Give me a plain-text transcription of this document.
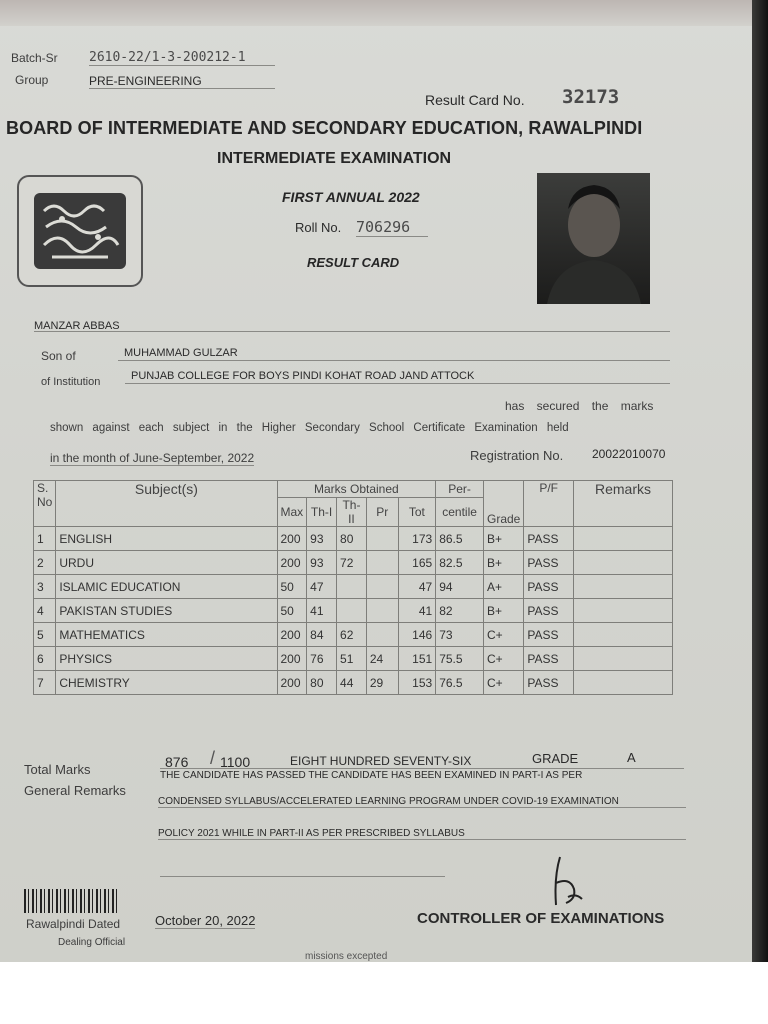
Batch-Sr 2610-22/1-3-200212-1
Group	PRE-ENGINEERING
Result Card No. 32173
BOARD OF INTERMEDIATE AND SECONDARY EDUCATION, RAWALPINDI
INTERMEDIATE EXAMINATION
FIRST ANNUAL 2022
Roll No. 706296
RESULT CARD
MANZAR ABBAS
Son of	MUHAMMAD GULZAR
of Institution	PUNJAB COLLEGE FOR BOYS PINDI KOHAT ROAD JAND ATTOCK
has secured the marks
shown against each subject in the Higher Secondary School Certificate Examination held
in the month of June-September, 2022	Registration No. 20022010070
S.
No	Subject(s)	Marks Obtained					Per-	Grade	P/F	Remarks
		Max	Th-I	Th-II	Pr	Tot	centile			
1	ENGLISH	200	93	80		173	86.5	B+	PASS	
2	URDU	200	93	72		165	82.5	B+	PASS	
3	ISLAMIC EDUCATION	50	47			47	94	A+	PASS	
4	PAKISTAN STUDIES	50	41			41	82	B+	PASS	
5	MATHEMATICS	200	84	62		146	73	C+	PASS	
6	PHYSICS	200	76	51	24	151	75.5	C+	PASS	
7	CHEMISTRY	200	80	44	29	153	76.5	C+	PASS	
Total Marks	876 / 1100	EIGHT HUNDRED SEVENTY-SIX	GRADE	A
General Remarks
THE CANDIDATE HAS PASSED THE CANDIDATE HAS BEEN EXAMINED IN PART-I AS PER
CONDENSED SYLLABUS/ACCELERATED LEARNING PROGRAM UNDER COVID-19 EXAMINATION
POLICY 2021 WHILE IN PART-II AS PER PRESCRIBED SYLLABUS
Rawalpindi Dated	October 20, 2022
Dealing Official
missions excepted
CONTROLLER OF EXAMINATIONS
